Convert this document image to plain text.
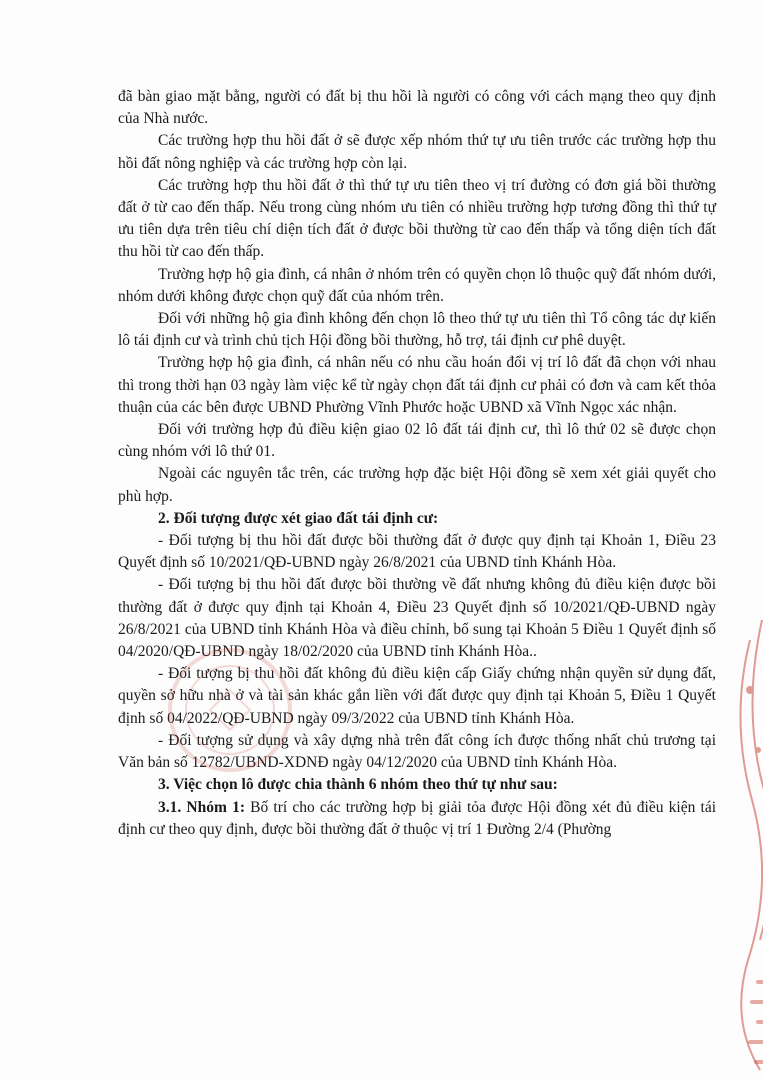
đã bàn giao mặt bằng, người có đất bị thu hồi là người có công với cách mạng theo quy định của Nhà nước.

Các trường hợp thu hồi đất ở sẽ được xếp nhóm thứ tự ưu tiên trước các trường hợp thu hồi đất nông nghiệp và các trường hợp còn lại.

Các trường hợp thu hồi đất ở thì thứ tự ưu tiên theo vị trí đường có đơn giá bồi thường đất ở từ cao đến thấp. Nếu trong cùng nhóm ưu tiên có nhiều trường hợp tương đồng thì thứ tự ưu tiên dựa trên tiêu chí diện tích đất ở được bồi thường từ cao đến thấp và tổng diện tích đất thu hồi từ cao đến thấp.

Trường hợp hộ gia đình, cá nhân ở nhóm trên có quyền chọn lô thuộc quỹ đất nhóm dưới, nhóm dưới không được chọn quỹ đất của nhóm trên.

Đối với những hộ gia đình không đến chọn lô theo thứ tự ưu tiên thì Tổ công tác dự kiến lô tái định cư và trình chủ tịch Hội đồng bồi thường, hỗ trợ, tái định cư phê duyệt.

Trường hợp hộ gia đình, cá nhân nếu có nhu cầu hoán đổi vị trí lô đất đã chọn với nhau thì trong thời hạn 03 ngày làm việc kể từ ngày chọn đất tái định cư phải có đơn và cam kết thỏa thuận của các bên được UBND Phường Vĩnh Phước hoặc UBND xã Vĩnh Ngọc xác nhận.

Đối với trường hợp đủ điều kiện giao 02 lô đất tái định cư, thì lô thứ 02 sẽ được chọn cùng nhóm với lô thứ 01.

Ngoài các nguyên tắc trên, các trường hợp đặc biệt Hội đồng sẽ xem xét giải quyết cho phù hợp.

2. Đối tượng được xét giao đất tái định cư:

- Đối tượng bị thu hồi đất được bồi thường đất ở được quy định tại Khoản 1, Điều 23 Quyết định số 10/2021/QĐ-UBND ngày 26/8/2021 của UBND tỉnh Khánh Hòa.

- Đối tượng bị thu hồi đất được bồi thường về đất nhưng không đủ điều kiện được bồi thường đất ở được quy định tại Khoản 4, Điều 23 Quyết định số 10/2021/QĐ-UBND ngày 26/8/2021 của UBND tỉnh Khánh Hòa và điều chỉnh, bổ sung tại Khoản 5 Điều 1 Quyết định số 04/2020/QĐ-UBND ngày 18/02/2020 của UBND tỉnh Khánh Hòa..

- Đối tượng bị thu hồi đất không đủ điều kiện cấp Giấy chứng nhận quyền sử dụng đất, quyền sở hữu nhà ở và tài sản khác gắn liền với đất được quy định tại Khoản 5, Điều 1 Quyết định số 04/2022/QĐ-UBND ngày 09/3/2022 của UBND tỉnh Khánh Hòa.

- Đối tượng sử dụng và xây dựng nhà trên đất công ích được thống nhất chủ trương tại Văn bản số 12782/UBND-XDNĐ ngày 04/12/2020 của UBND tỉnh Khánh Hòa.

3. Việc chọn lô được chia thành 6 nhóm theo thứ tự như sau:

3.1. Nhóm 1: Bố trí cho các trường hợp bị giải tỏa được Hội đồng xét đủ điều kiện tái định cư theo quy định, được bồi thường đất ở thuộc vị trí 1 Đường 2/4 (Phường
